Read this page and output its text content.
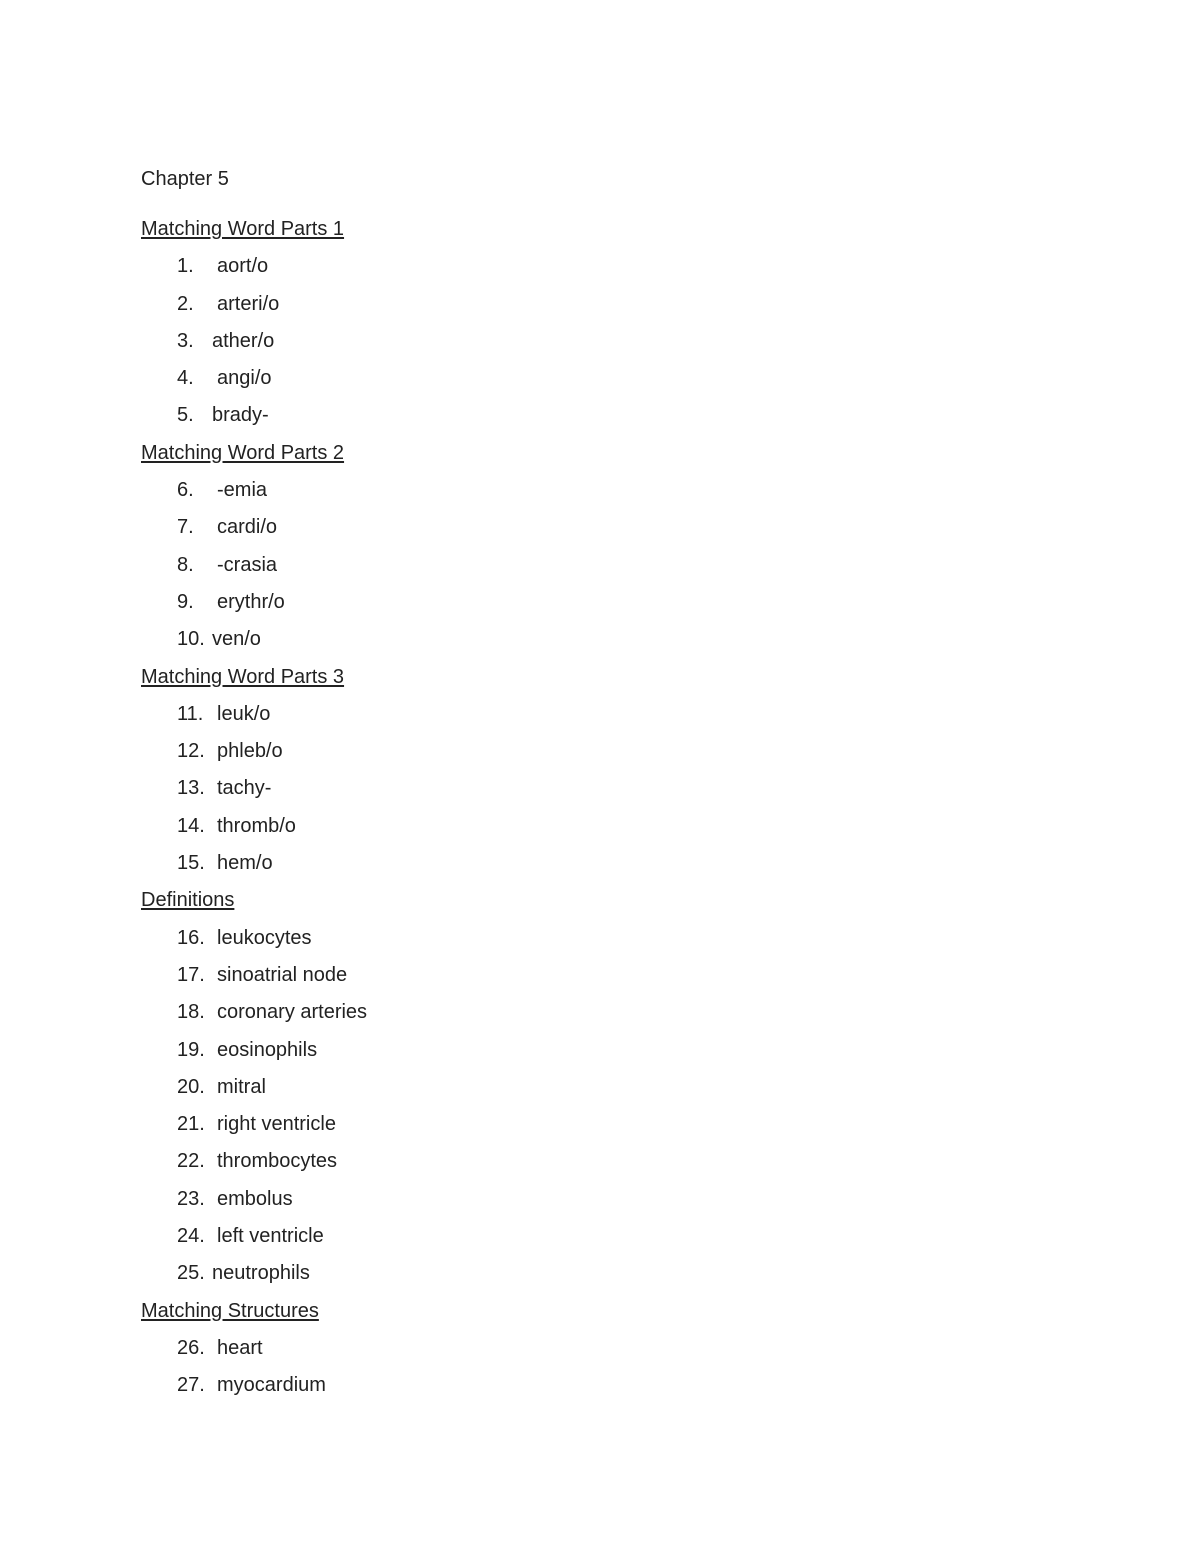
Chapter 5
Matching Word Parts 1
1.	aort/o
2.	arteri/o
3. ather/o
4.	angi/o
5. brady-
Matching Word Parts 2
6.	-emia
7.	cardi/o
8.	-crasia
9.	erythr/o
10. ven/o
Matching Word Parts 3
11. leuk/o
12. phleb/o
13. tachy-
14. thromb/o
15. hem/o
Definitions
16. leukocytes
17. sinoatrial node
18. coronary arteries
19. eosinophils
20. mitral
21. right ventricle
22. thrombocytes
23. embolus
24. left ventricle
25. neutrophils
Matching Structures
26. heart
27. myocardium
